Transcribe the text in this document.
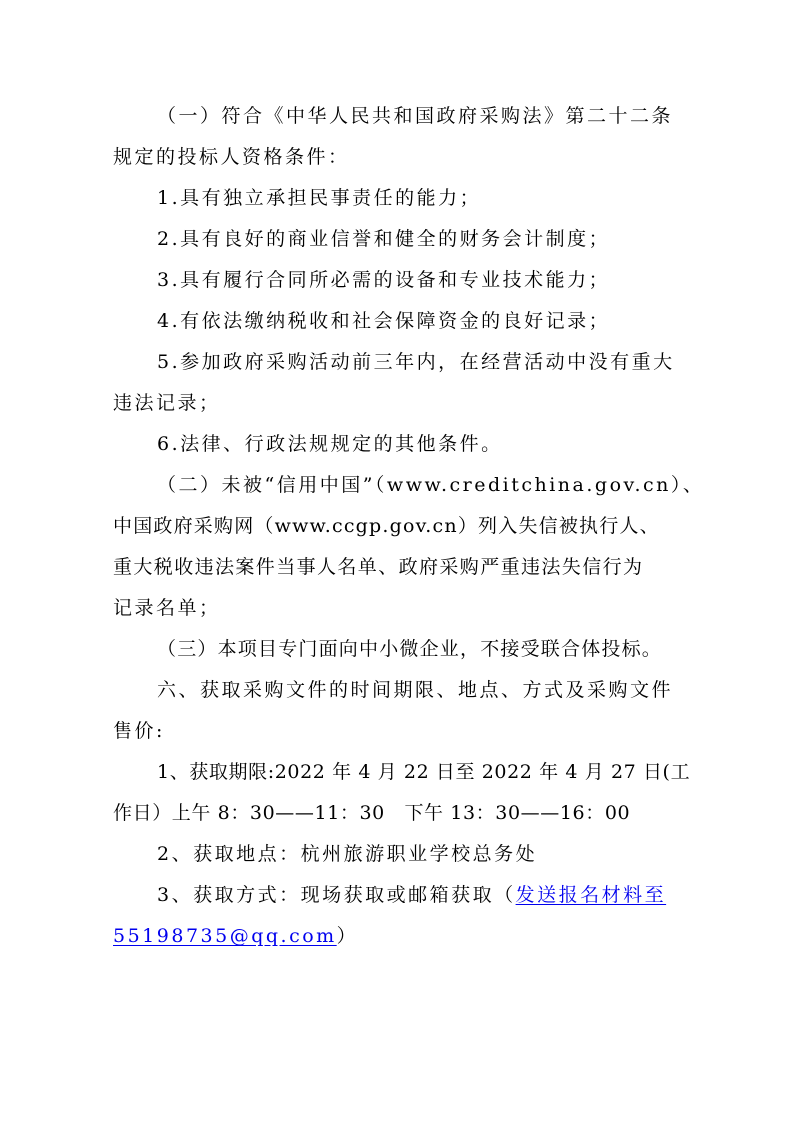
（一）符合《中华人民共和国政府采购法》第二十二条

规定的投标人资格条件：

1.具有独立承担民事责任的能力；

2.具有良好的商业信誉和健全的财务会计制度；

3.具有履行合同所必需的设备和专业技术能力；

4.有依法缴纳税收和社会保障资金的良好记录；

5.参加政府采购活动前三年内，在经营活动中没有重大

违法记录；

6.法律、行政法规规定的其他条件。

（二）未被“信用中国”（www.creditchina.gov.cn）、

中国政府采购网（www.ccgp.gov.cn）列入失信被执行人、

重大税收违法案件当事人名单、政府采购严重违法失信行为

记录名单；

（三）本项目专门面向中小微企业，不接受联合体投标。

六、获取采购文件的时间期限、地点、方式及采购文件

售价:

1、获取期限:2022 年 4 月 22 日至 2022 年 4 月 27 日(工

作日）上午 8：30——11：30　下午 13：30——16：00

2、获取地点：杭州旅游职业学校总务处

3、获取方式：现场获取或邮箱获取（发送报名材料至

55198735@qq.com）
